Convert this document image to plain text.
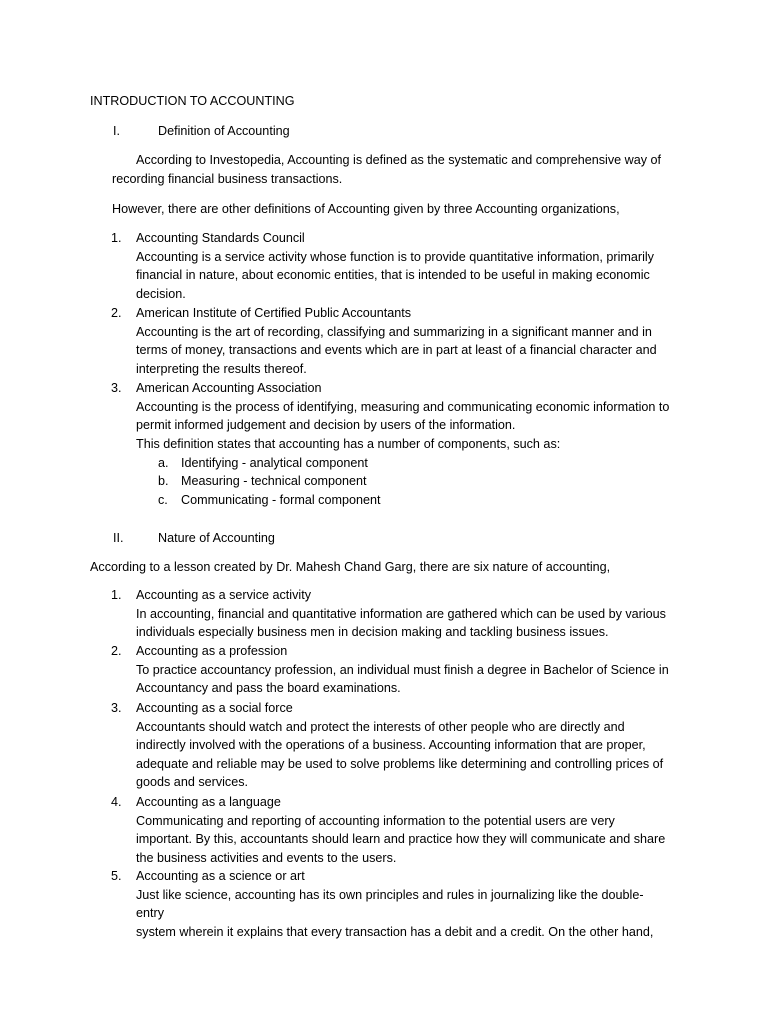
INTRODUCTION TO ACCOUNTING
I.	Definition of Accounting
According to Investopedia, Accounting is defined as the systematic and comprehensive way of
recording financial business transactions.
However, there are other definitions of Accounting given by three Accounting organizations,
1. Accounting Standards Council
Accounting is a service activity whose function is to provide quantitative information, primarily
financial in nature, about economic entities, that is intended to be useful in making economic
decision.
2. American Institute of Certified Public Accountants
Accounting is the art of recording, classifying and summarizing in a significant manner and in
terms of money, transactions and events which are in part at least of a financial character and
interpreting the results thereof.
3. American Accounting Association
Accounting is the process of identifying, measuring and communicating economic information to
permit informed judgement and decision by users of the information.
This definition states that accounting has a number of components, such as:
a. Identifying - analytical component
b. Measuring - technical component
c. Communicating - formal component
II.	Nature of Accounting
According to a lesson created by Dr. Mahesh Chand Garg, there are six nature of accounting,
1. Accounting as a service activity
In accounting, financial and quantitative information are gathered which can be used by various
individuals especially business men in decision making and tackling business issues.
2. Accounting as a profession
To practice accountancy profession, an individual must finish a degree in Bachelor of Science in
Accountancy and pass the board examinations.
3. Accounting as a social force
Accountants should watch and protect the interests of other people who are directly and
indirectly involved with the operations of a business. Accounting information that are proper,
adequate and reliable may be used to solve problems like determining and controlling prices of
goods and services.
4. Accounting as a language
Communicating and reporting of accounting information to the potential users are very
important. By this, accountants should learn and practice how they will communicate and share
the business activities and events to the users.
5. Accounting as a science or art
Just like science, accounting has its own principles and rules in journalizing like the double-entry
system wherein it explains that every transaction has a debit and a credit. On the other hand,
